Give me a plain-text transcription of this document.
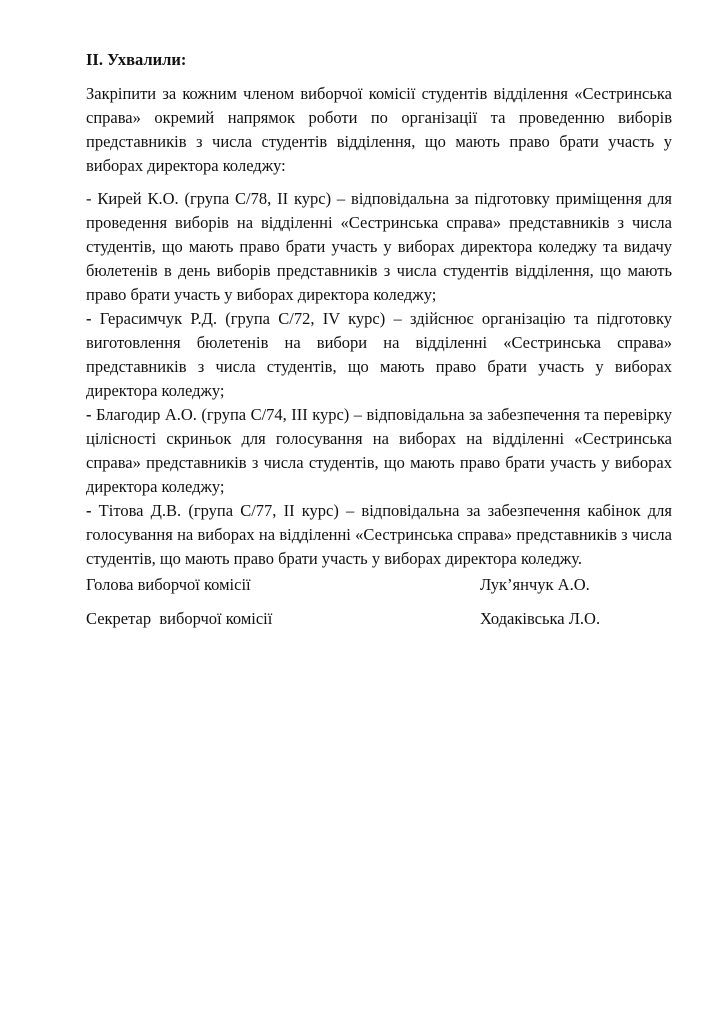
ІІ. Ухвалили:

Закріпити за кожним членом виборчої комісії студентів відділення «Сестринська справа» окремий напрямок роботи по організації та проведенню виборів представників з числа студентів відділення, що мають право брати участь у виборах директора коледжу:

- Кирей К.О. (група С/78, ІІ курс) – відповідальна за підготовку приміщення для проведення виборів на відділенні «Сестринська справа» представників з числа студентів, що мають право брати участь у виборах директора коледжу та видачу бюлетенів в день виборів представників з числа студентів відділення, що мають право брати участь у виборах директора коледжу;

- Герасимчук Р.Д. (група С/72, IV курс) – здійснює організацію та підготовку виготовлення бюлетенів на вибори на відділенні «Сестринська справа» представників з числа студентів, що мають право брати участь у виборах директора коледжу;

- Благодир А.О. (група С/74, ІІІ курс) – відповідальна за забезпечення та перевірку цілісності скриньок для голосування на виборах на відділенні «Сестринська справа» представників з числа студентів, що мають право брати участь у виборах директора коледжу;

- Тітова Д.В. (група С/77, ІІ курс) – відповідальна за забезпечення кабінок для голосування на виборах на відділенні «Сестринська справа» представників з числа студентів, що мають право брати участь у виборах директора коледжу.

Голова виборчої комісії	Лук’янчук А.О.
Секретар  виборчої комісії	Ходаківська Л.О.
